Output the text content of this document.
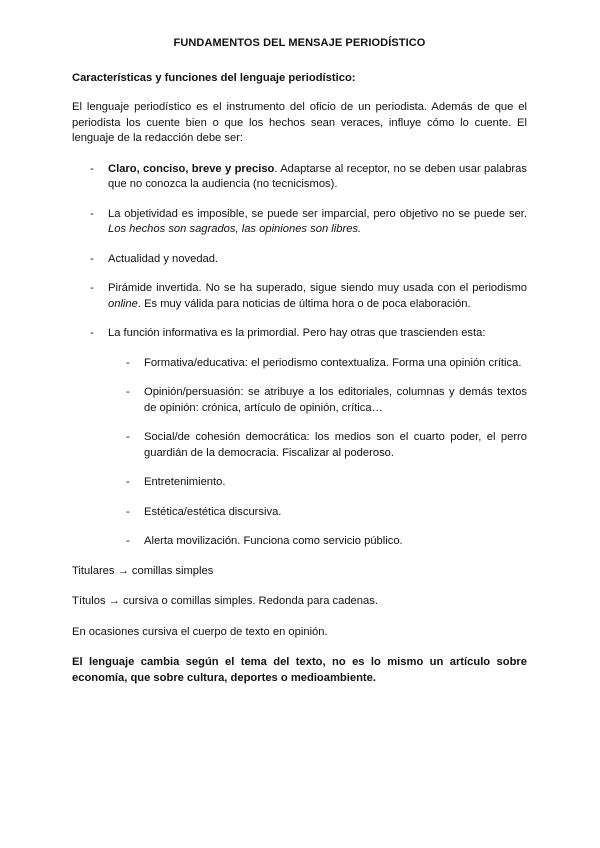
FUNDAMENTOS DEL MENSAJE PERIODÍSTICO
Características y funciones del lenguaje periodístico:

El lenguaje periodístico es el instrumento del oficio de un periodista. Además de que el periodista los cuente bien o que los hechos sean veraces, influye cómo lo cuente. El lenguaje de la redacción debe ser:

- Claro, conciso, breve y preciso. Adaptarse al receptor, no se deben usar palabras que no conozca la audiencia (no tecnicismos).
- La objetividad es imposible, se puede ser imparcial, pero objetivo no se puede ser. Los hechos son sagrados, las opiniones son libres.
- Actualidad y novedad.
- Pirámide invertida. No se ha superado, sigue siendo muy usada con el periodismo online. Es muy válida para noticias de última hora o de poca elaboración.
- La función informativa es la primordial. Pero hay otras que trascienden esta:
- Formativa/educativa: el periodismo contextualiza. Forma una opinión crítica.
- Opinión/persuasión: se atribuye a los editoriales, columnas y demás textos de opinión: crónica, artículo de opinión, crítica…
- Social/de cohesión democrática: los medios son el cuarto poder, el perro guardián de la democracia. Fiscalizar al poderoso.
- Entretenimiento.
- Estética/estética discursiva.
- Alerta movilización. Funciona como servicio público.

Titulares → comillas simples

Títulos → cursiva o comillas simples. Redonda para cadenas.

En ocasiones cursiva el cuerpo de texto en opinión.

El lenguaje cambia según el tema del texto, no es lo mismo un artículo sobre economía, que sobre cultura, deportes o medioambiente.
